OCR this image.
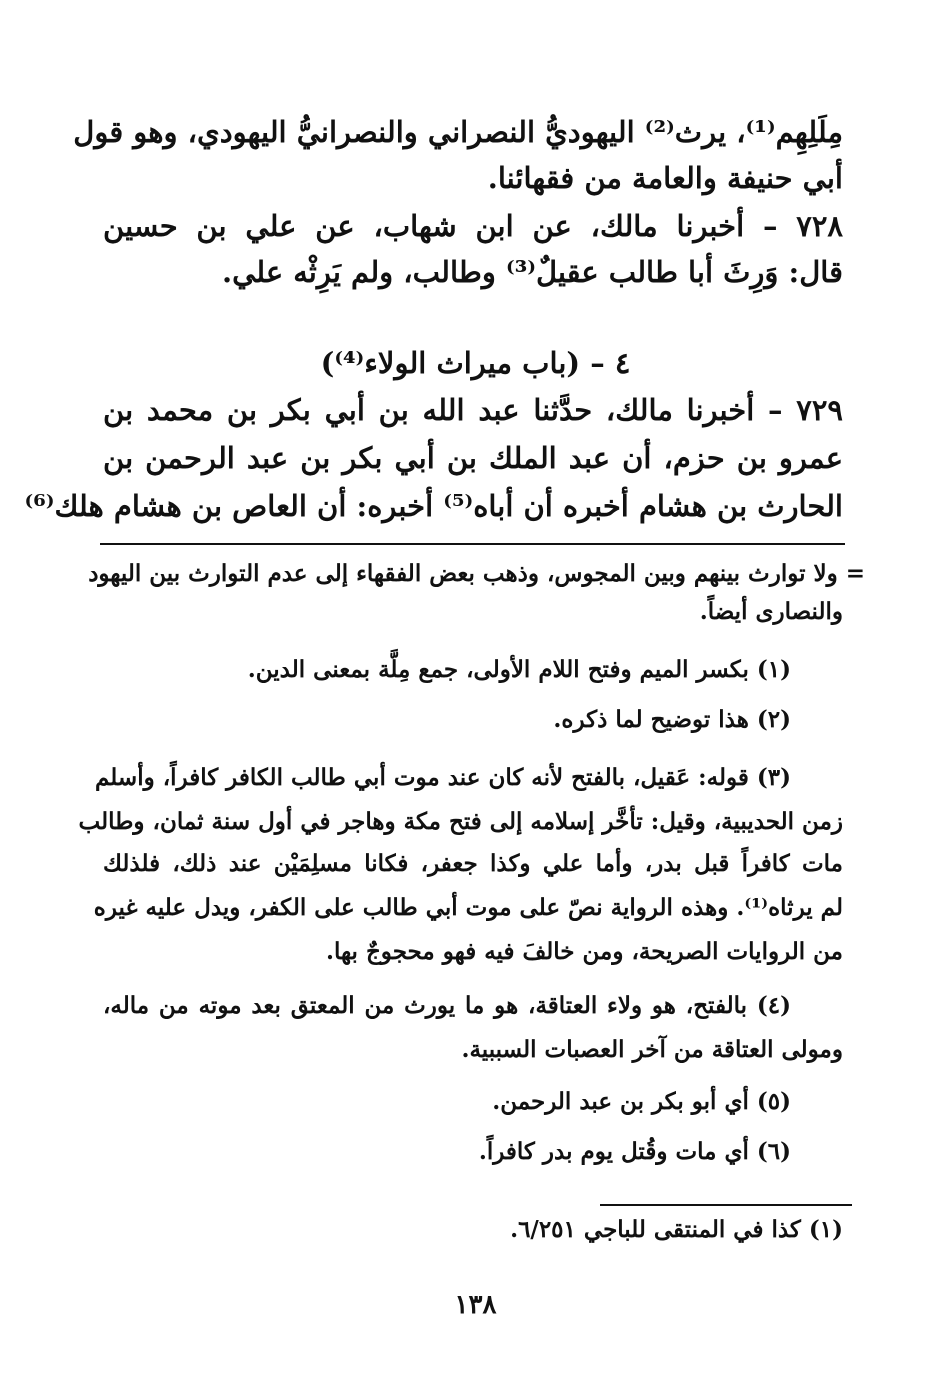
مِلَلِهِم⁽¹⁾، يرث⁽²⁾ اليهوديُّ النصراني والنصرانيُّ اليهودي، وهو قول
أبي حنيفة والعامة من فقهائنا.
٧٢٨ – أخبرنا مالك، عن ابن شهاب، عن علي بن حسين
قال: وَرِثَ أبا طالب عقيلٌ⁽³⁾ وطالب، ولم يَرِثْه علي.
٤ – (باب ميراث الولاء⁽⁴⁾)
٧٢٩ – أخبرنا مالك، حدَّثنا عبد الله بن أبي بكر بن محمد بن
عمرو بن حزم، أن عبد الملك بن أبي بكر بن عبد الرحمن بن
الحارث بن هشام أخبره أن أباه⁽⁵⁾ أخبره: أن العاص بن هشام هلك⁽⁶⁾
= ولا توارث بينهم وبين المجوس، وذهب بعض الفقهاء إلى عدم التوارث بين اليهود
والنصارى أيضاً.
(١) بكسر الميم وفتح اللام الأولى، جمع مِلَّة بمعنى الدين.
(٢) هذا توضيح لما ذكره.
(٣) قوله: عَقيل، بالفتح لأنه كان عند موت أبي طالب الكافر كافراً، وأسلم
زمن الحديبية، وقيل: تأخَّر إسلامه إلى فتح مكة وهاجر في أول سنة ثمان، وطالب
مات كافراً قبل بدر، وأما علي وكذا جعفر، فكانا مسلِمَيْن عند ذلك، فلذلك
لم يرثاه⁽¹⁾. وهذه الرواية نصّ على موت أبي طالب على الكفر، ويدل عليه غيره
من الروايات الصريحة، ومن خالفَ فيه فهو محجوجٌ بها.
(٤) بالفتح، هو ولاء العتاقة، هو ما يورث من المعتق بعد موته من ماله،
ومولى العتاقة من آخر العصبات السببية.
(٥) أي أبو بكر بن عبد الرحمن.
(٦) أي مات وقُتل يوم بدر كافراً.
(١) كذا في المنتقى للباجي ٦/٢٥١.
١٣٨
